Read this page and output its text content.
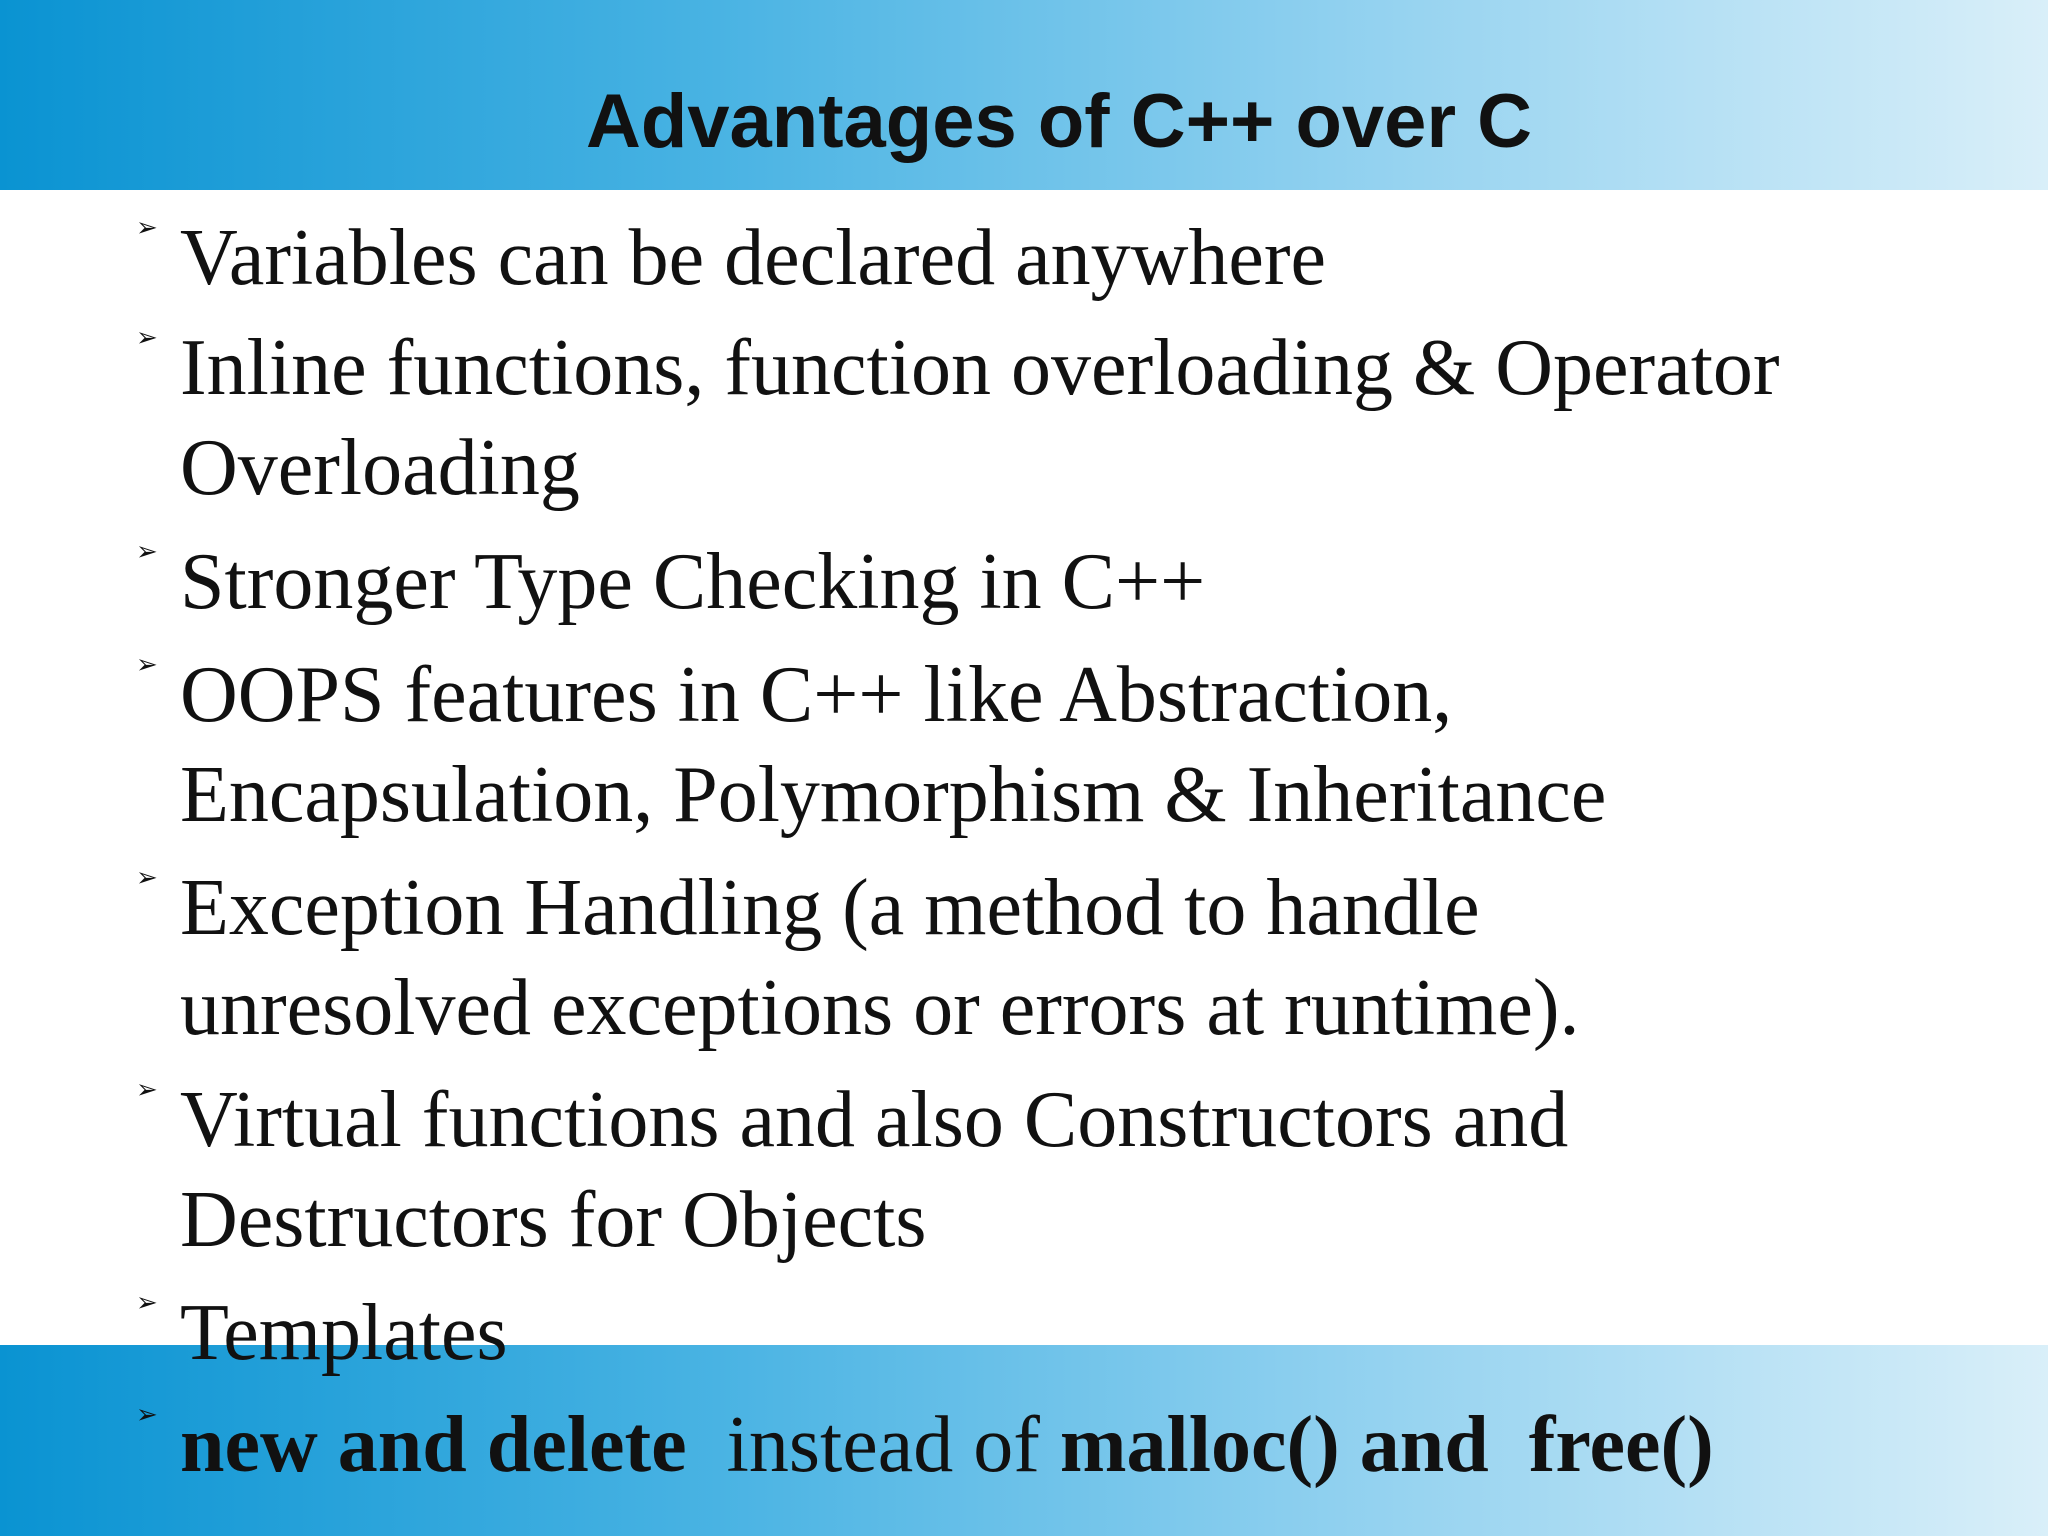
Advantages of C++ over C
➢ Variables can be declared anywhere
➢ Inline functions, function overloading & Operator
Overloading
➢ Stronger Type Checking in C++
➢ OOPS features in C++ like Abstraction,
Encapsulation, Polymorphism & Inheritance
➢ Exception Handling (a method to handle
unresolved exceptions or errors at runtime).
➢ Virtual functions and also Constructors and
Destructors for Objects
➢ Templates
➢ new and delete  instead of malloc() and  free()
